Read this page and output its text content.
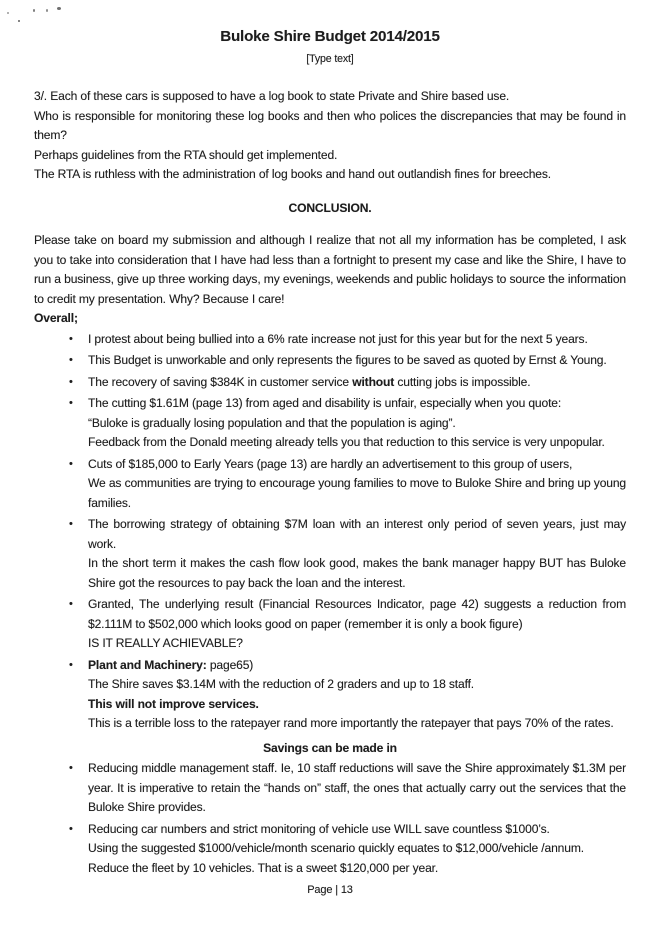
Buloke Shire Budget 2014/2015
[Type text]
3/. Each of these cars is supposed to have a log book to state Private and Shire based use.
Who is responsible for monitoring these log books and then who polices the discrepancies that may be found in them?
Perhaps guidelines from the RTA should get implemented.
The RTA is ruthless with the administration of log books and hand out outlandish fines for breeches.
CONCLUSION.
Please take on board my submission and although I realize that not all my information has be completed, I ask you to take into consideration that I have had less than a fortnight to present my case and like the Shire, I have to run a business, give up three working days, my evenings, weekends and public holidays to source the information to credit my presentation. Why? Because I care!
Overall;
•	I protest about being bullied into a 6% rate increase not just for this year but for the next 5 years.
•	This Budget is unworkable and only represents the figures to be saved as quoted by Ernst & Young.
•	The recovery of saving $384K in customer service without cutting jobs is impossible.
•	The cutting $1.61M (page 13) from aged and disability is unfair, especially when you quote:
“Buloke is gradually losing population and that the population is aging”.
Feedback from the Donald meeting already tells you that reduction to this service is very unpopular.
•	Cuts of $185,000 to Early Years (page 13) are hardly an advertisement to this group of users,
We as communities are trying to encourage young families to move to Buloke Shire and bring up young families.
•	The borrowing strategy of obtaining $7M loan with an interest only period of seven years, just may work.
In the short term it makes the cash flow look good, makes the bank manager happy BUT has Buloke Shire got the resources to pay back the loan and the interest.
•	Granted, The underlying result (Financial Resources Indicator, page 42) suggests a reduction from $2.111M to $502,000 which looks good on paper (remember it is only a book figure)
IS IT REALLY ACHIEVABLE?
•	Plant and Machinery: page65)
The Shire saves $3.14M with the reduction of 2 graders and up to 18 staff.
This will not improve services.
This is a terrible loss to the ratepayer rand more importantly the ratepayer that pays 70% of the rates.
Savings can be made in
•	Reducing middle management staff. Ie, 10 staff reductions will save the Shire approximately $1.3M per year. It is imperative to retain the “hands on” staff, the ones that actually carry out the services that the Buloke Shire provides.
•	Reducing car numbers and strict monitoring of vehicle use WILL save countless $1000’s.
Using the suggested $1000/vehicle/month scenario quickly equates to $12,000/vehicle /annum.
Reduce the fleet by 10 vehicles. That is a sweet $120,000 per year.
Page | 13
